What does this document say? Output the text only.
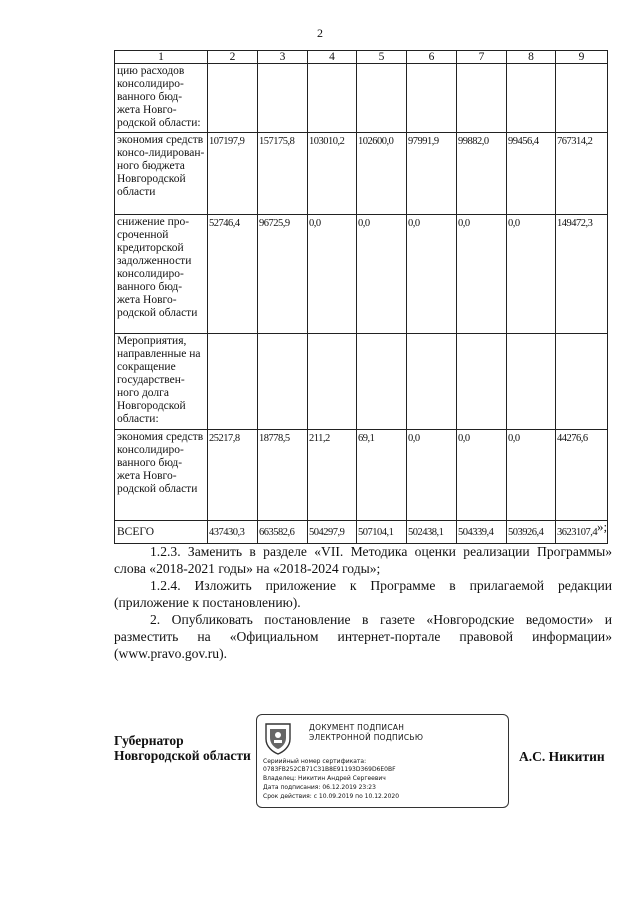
2
1	2	3	4	5	6	7	8	9
цию расходов консолидиро-ванного бюд-жета Новго-родской области:								
экономия средств консо-лидирован-ного бюджета Новгородской области	107197,9	157175,8	103010,2	102600,0	97991,9	99882,0	99456,4	767314,2
снижение про-сроченной кредиторской задолженности консолидиро-ванного бюд-жета Новго-родской области	52746,4	96725,9	0,0	0,0	0,0	0,0	0,0	149472,3
Мероприятия, направленные на сокращение государствен-ного долга Новгородской области:								
экономия средств консолидиро-ванного бюд-жета Новго-родской области	25217,8	18778,5	211,2	69,1	0,0	0,0	0,0	44276,6
ВСЕГО	437430,3	663582,6	504297,9	507104,1	502438,1	504339,4	503926,4	3623107,4 »;
1.2.3. Заменить в разделе «VII. Методика оценки реализации Программы» слова «2018-2021 годы» на «2018-2024 годы»;
1.2.4. Изложить приложение к Программе в прилагаемой редакции (приложение к постановлению).
2. Опубликовать постановление в газете «Новгородские ведомости» и разместить на «Официальном интернет-портале правовой информации» (www.pravo.gov.ru).
Губернатор
Новгородской области
ДОКУМЕНТ ПОДПИСАН
ЭЛЕКТРОННОЙ ПОДПИСЬЮ
Сериийный номер сертификата:
0783FB252CB71C31B8E91193D369D6E0BF
Владелец: Никитин Андрей Сергеевич
Дата подписания: 06.12.2019 23:23
Срок действия: с 10.09.2019 по 10.12.2020
А.С. Никитин
